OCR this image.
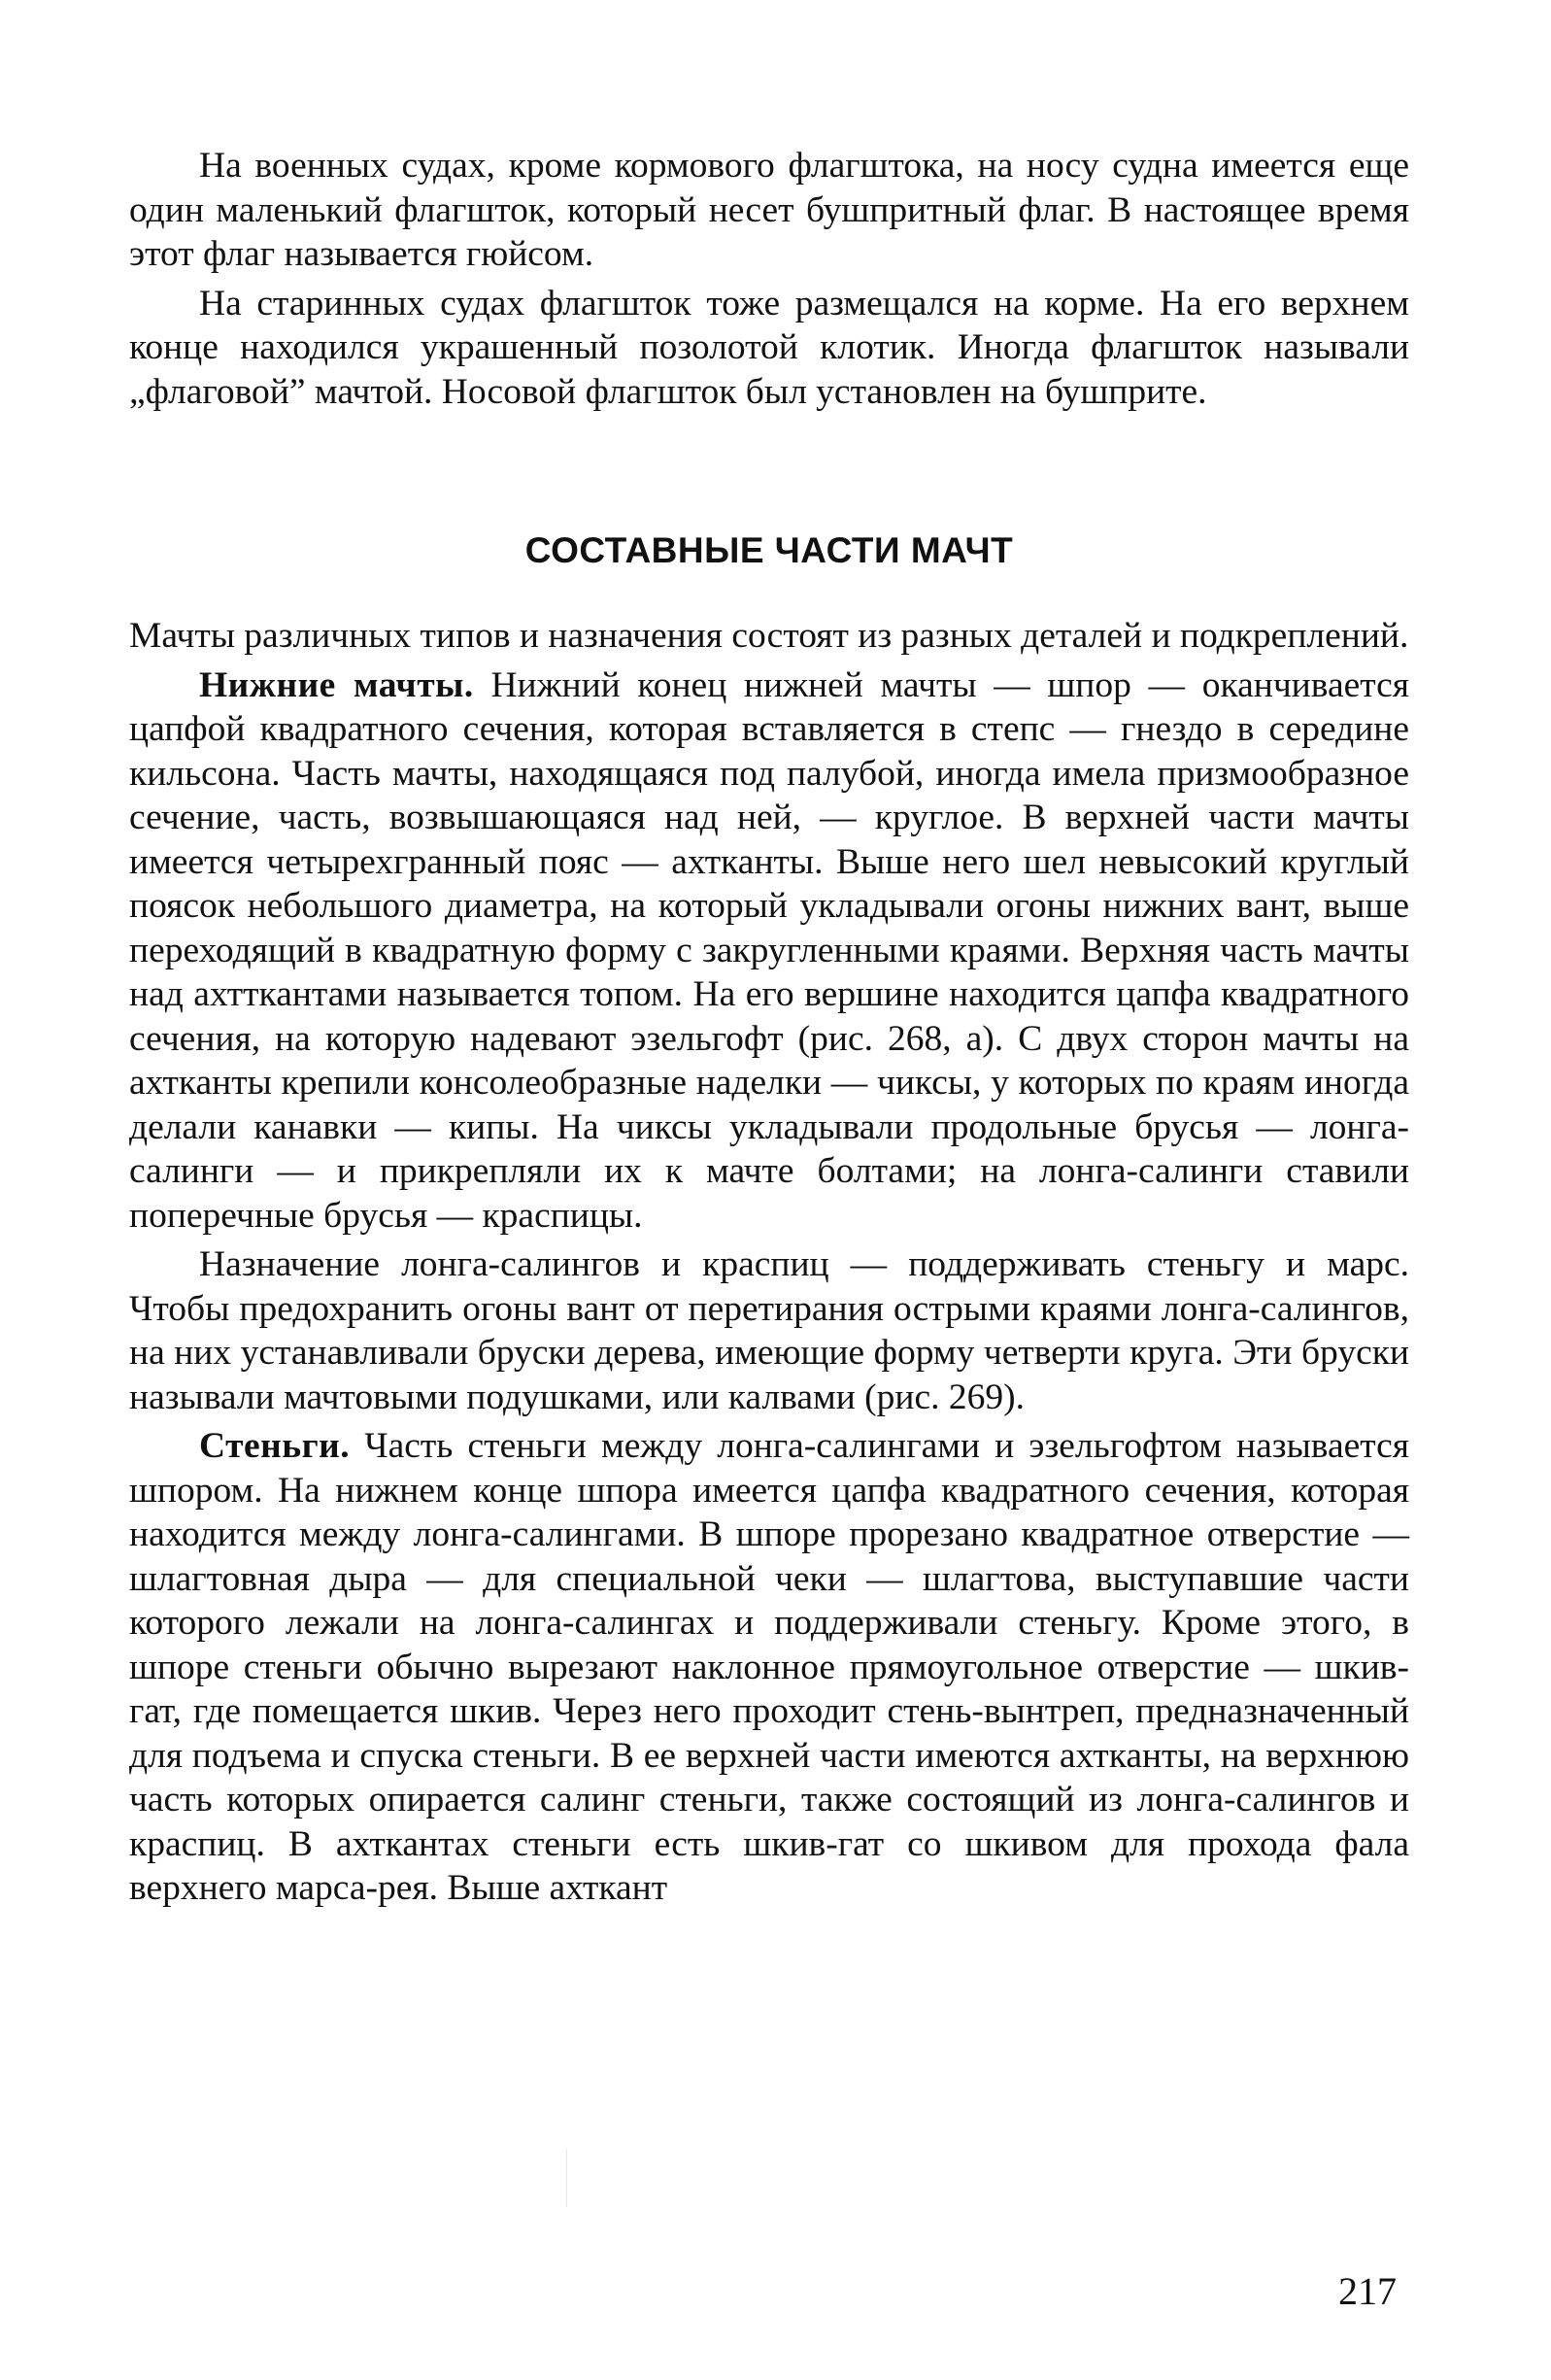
На военных судах, кроме кормового флагштока, на носу судна имеется еще один маленький флагшток, который несет бушпритный флаг. В настоящее время этот флаг называется гюйсом.

На старинных судах флагшток тоже размещался на корме. На его верхнем конце находился украшенный позолотой клотик. Иногда флагшток называли „флаговой” мачтой. Носовой флагшток был установлен на бушприте.

СОСТАВНЫЕ ЧАСТИ МАЧТ

Мачты различных типов и назначения состоят из разных деталей и подкреплений.

Нижние мачты. Нижний конец нижней мачты — шпор — оканчивается цапфой квадратного сечения, которая вставляется в степс — гнездо в середине кильсона. Часть мачты, находящаяся под палубой, иногда имела призмообразное сечение, часть, возвышающаяся над ней, — круглое. В верхней части мачты имеется четырехгранный пояс — ахтканты. Выше него шел невысокий круглый поясок небольшого диаметра, на который укладывали огоны нижних вант, выше переходящий в квадратную форму с закругленными краями. Верхняя часть мачты над ахтткантами называется топом. На его вершине находится цапфа квадратного сечения, на которую надевают эзельгофт (рис. 268, а). С двух сторон мачты на ахтканты крепили консолеобразные наделки — чиксы, у которых по краям иногда делали канавки — кипы. На чиксы укладывали продольные брусья — лонга-салинги — и прикрепляли их к мачте болтами; на лонга-салинги ставили поперечные брусья — краспицы.

Назначение лонга-салингов и краспиц — поддерживать стеньгу и марс. Чтобы предохранить огоны вант от перетирания острыми краями лонга-салингов, на них устанавливали бруски дерева, имеющие форму четверти круга. Эти бруски называли мачтовыми подушками, или калвами (рис. 269).

Стеньги. Часть стеньги между лонга-салингами и эзельгофтом называется шпором. На нижнем конце шпора имеется цапфа квадратного сечения, которая находится между лонга-салингами. В шпоре прорезано квадратное отверстие — шлагтовная дыра — для специальной чеки — шлагтова, выступавшие части которого лежали на лонга-салингах и поддерживали стеньгу. Кроме этого, в шпоре стеньги обычно вырезают наклонное прямоугольное отверстие — шкив-гат, где помещается шкив. Через него проходит стень-вынтреп, предназначенный для подъема и спуска стеньги. В ее верхней части имеются ахтканты, на верхнюю часть которых опирается салинг стеньги, также состоящий из лонга-салингов и краспиц. В ахткантах стеньги есть шкив-гат со шкивом для прохода фала верхнего марса-рея. Выше ахткант

217
